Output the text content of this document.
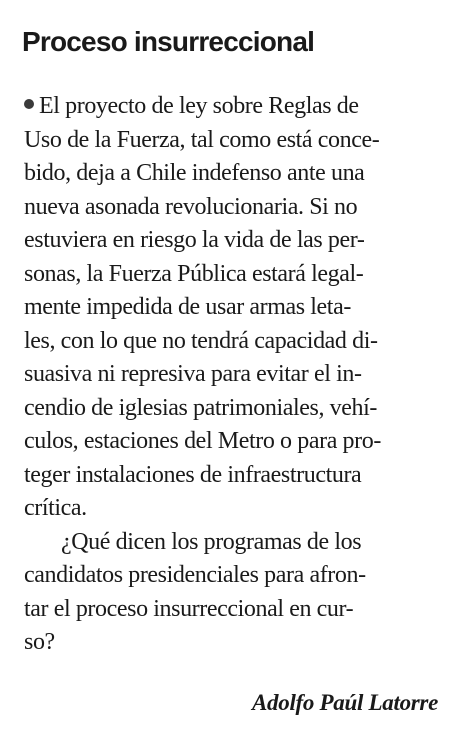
Proceso insurreccional
El proyecto de ley sobre Reglas de
Uso de la Fuerza, tal como está conce-
bido, deja a Chile indefenso ante una
nueva asonada revolucionaria. Si no
estuviera en riesgo la vida de las per-
sonas, la Fuerza Pública estará legal-
mente impedida de usar armas leta-
les, con lo que no tendrá capacidad di-
suasiva ni represiva para evitar el in-
cendio de iglesias patrimoniales, vehí-
culos, estaciones del Metro o para pro-
teger instalaciones de infraestructura
crítica.
¿Qué dicen los programas de los
candidatos presidenciales para afron-
tar el proceso insurreccional en cur-
so?

Adolfo Paúl Latorre
